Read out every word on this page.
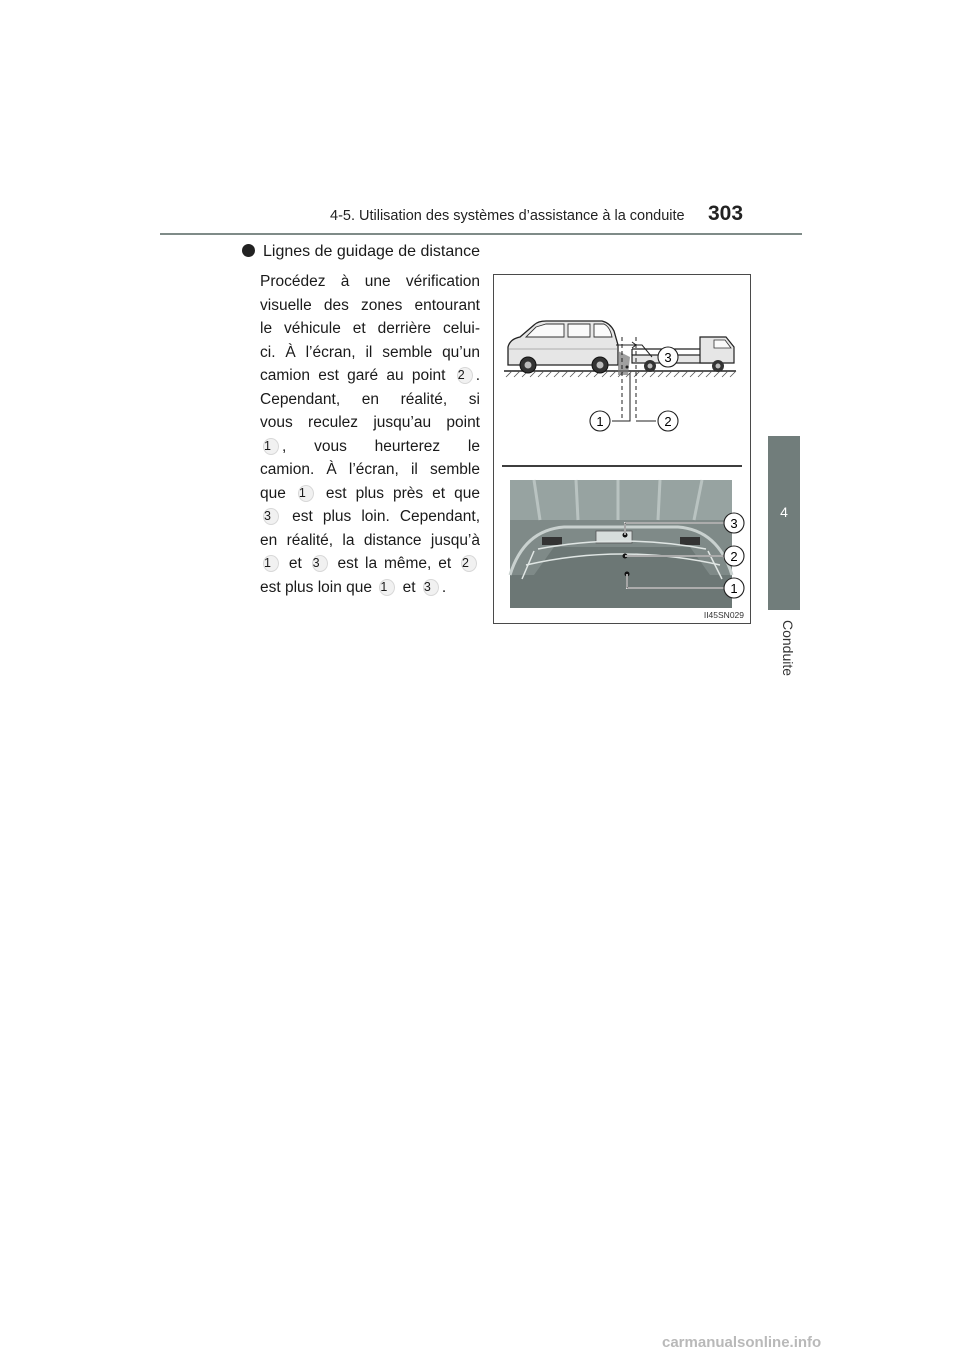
4-5. Utilisation des systèmes d’assistance à la conduite 303
4
Conduite
Lignes de guidage de distance
Procédez à une vérification
visuelle des zones entourant
le véhicule et derrière celui-
ci. À l’écran, il semble qu’un
camion est garé au point 2 .
Cependant, en réalité, si
vous reculez jusqu’au point
1 , vous heurterez le
camion. À l’écran, il semble
que 1 est plus près et que
3 est plus loin. Cependant,
en réalité, la distance jusqu’à
1 et 3 est la même, et 2
est plus loin que 1 et 3 .
3
1	2
3
2
1
II45SN029
carmanualsonline.info
